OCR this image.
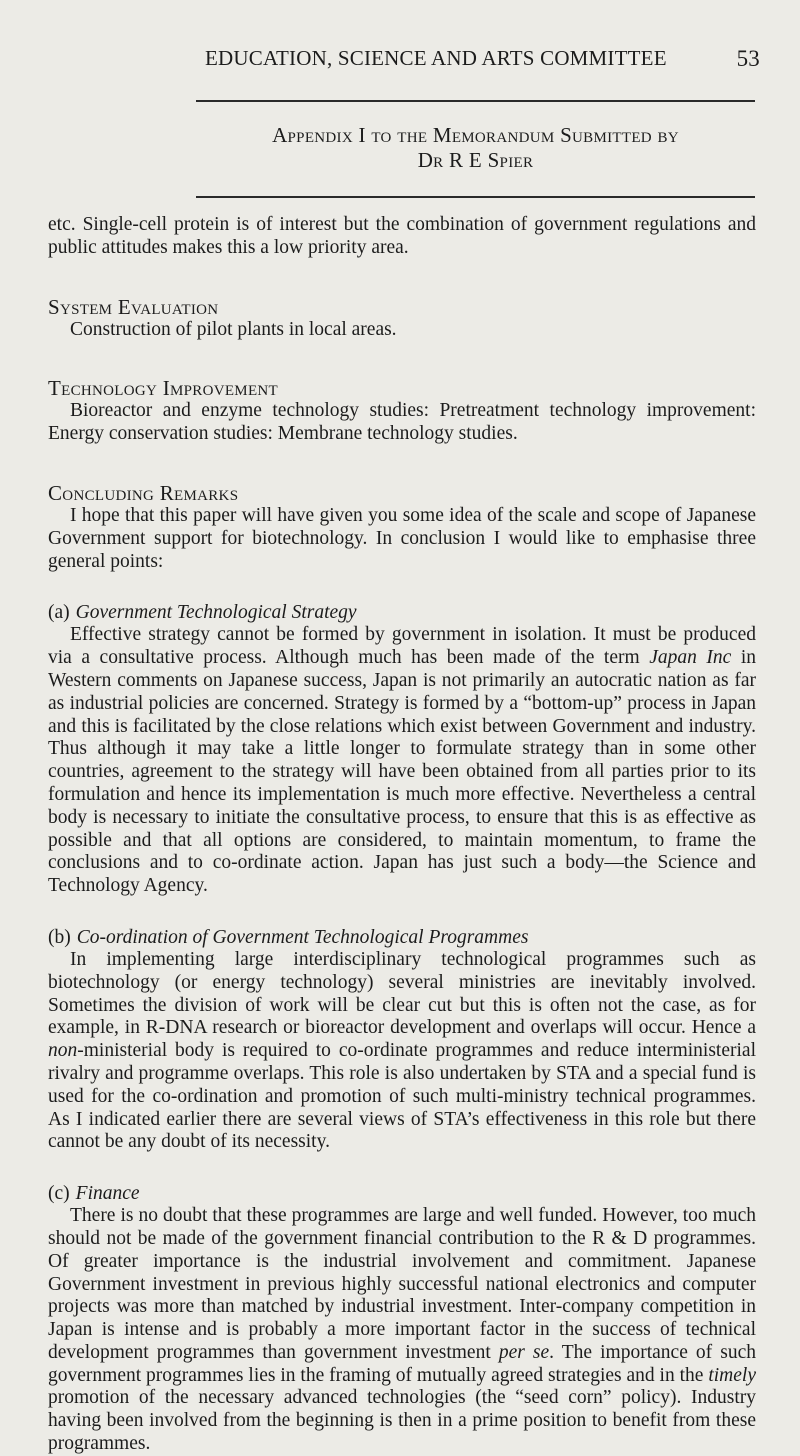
EDUCATION, SCIENCE AND ARTS COMMITTEE	53
Appendix I to the Memorandum Submitted by
Dr R E Spier

etc. Single-cell protein is of interest but the combination of government regulations and public attitudes makes this a low priority area.

System Evaluation

Construction of pilot plants in local areas.

Technology Improvement

Bioreactor and enzyme technology studies: Pretreatment technology improvement: Energy conservation studies: Membrane technology studies.

Concluding Remarks

I hope that this paper will have given you some idea of the scale and scope of Japanese Government support for biotechnology. In conclusion I would like to emphasise three general points:

(a) Government Technological Strategy

Effective strategy cannot be formed by government in isolation. It must be produced via a consultative process. Although much has been made of the term Japan Inc in Western comments on Japanese success, Japan is not primarily an autocratic nation as far as industrial policies are concerned. Strategy is formed by a “bottom-up” process in Japan and this is facilitated by the close relations which exist between Government and industry. Thus although it may take a little longer to formulate strategy than in some other countries, agreement to the strategy will have been obtained from all parties prior to its formulation and hence its implementation is much more effective. Nevertheless a central body is necessary to initiate the consultative process, to ensure that this is as effective as possible and that all options are considered, to maintain momentum, to frame the conclusions and to co-ordinate action. Japan has just such a body—the Science and Technology Agency.

(b) Co-ordination of Government Technological Programmes

In implementing large interdisciplinary technological programmes such as biotechnology (or energy technology) several ministries are inevitably involved. Sometimes the division of work will be clear cut but this is often not the case, as for example, in R-DNA research or bioreactor development and overlaps will occur. Hence a non-ministerial body is required to co-ordinate programmes and reduce interministerial rivalry and programme overlaps. This role is also undertaken by STA and a special fund is used for the co-ordination and promotion of such multi-ministry technical programmes. As I indicated earlier there are several views of STA’s effectiveness in this role but there cannot be any doubt of its necessity.

(c) Finance

There is no doubt that these programmes are large and well funded. However, too much should not be made of the government financial contribution to the R & D programmes. Of greater importance is the industrial involvement and commitment. Japanese Government investment in previous highly successful national electronics and computer projects was more than matched by industrial investment. Inter-company competition in Japan is intense and is probably a more important factor in the success of technical development programmes than government investment per se. The importance of such government programmes lies in the framing of mutually agreed strategies and in the timely promotion of the necessary advanced technologies (the “seed corn” policy). Industry having been involved from the beginning is then in a prime position to benefit from these programmes.
